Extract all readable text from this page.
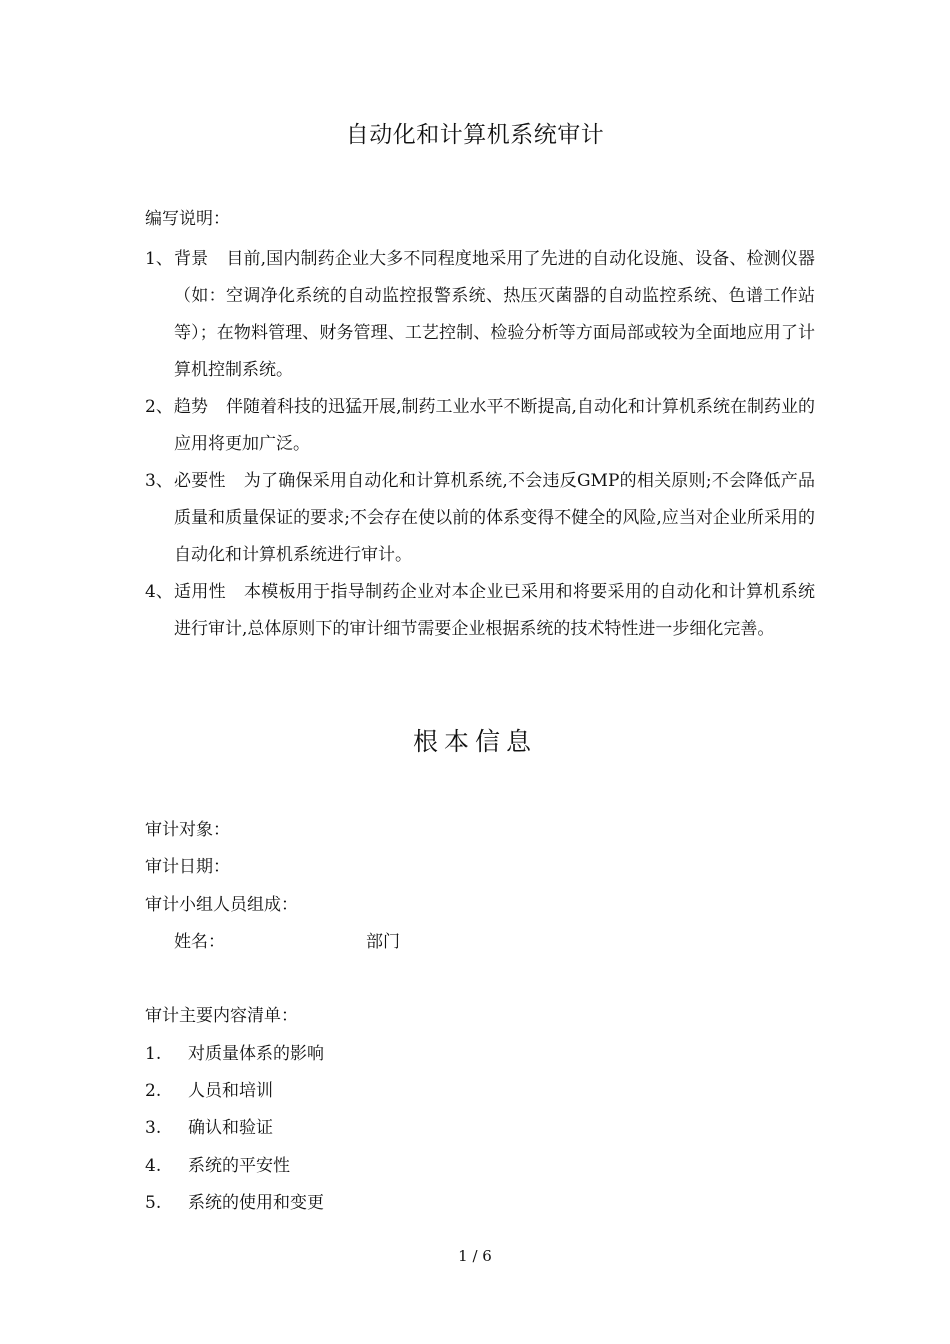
自动化和计算机系统审计
编写说明：
1、 背景 目前,国内制药企业大多不同程度地采用了先进的自动化设施、设备、检测仪器（如：空调净化系统的自动监控报警系统、热压灭菌器的自动监控系统、色谱工作站等）；在物料管理、财务管理、工艺控制、检验分析等方面局部或较为全面地应用了计算机控制系统。
2、 趋势 伴随着科技的迅猛开展,制药工业水平不断提高,自动化和计算机系统在制药业的应用将更加广泛。
3、 必要性 为了确保采用自动化和计算机系统,不会违反GMP的相关原则;不会降低产品质量和质量保证的要求;不会存在使以前的体系变得不健全的风险,应当对企业所采用的自动化和计算机系统进行审计。
4、 适用性 本模板用于指导制药企业对本企业已采用和将要采用的自动化和计算机系统进行审计,总体原则下的审计细节需要企业根据系统的技术特性进一步细化完善。
根本信息
审计对象：
审计日期：
审计小组人员组成：
姓名：	部门
审计主要内容清单：
1. 对质量体系的影响
2. 人员和培训
3. 确认和验证
4. 系统的平安性
5. 系统的使用和变更
1 / 6
